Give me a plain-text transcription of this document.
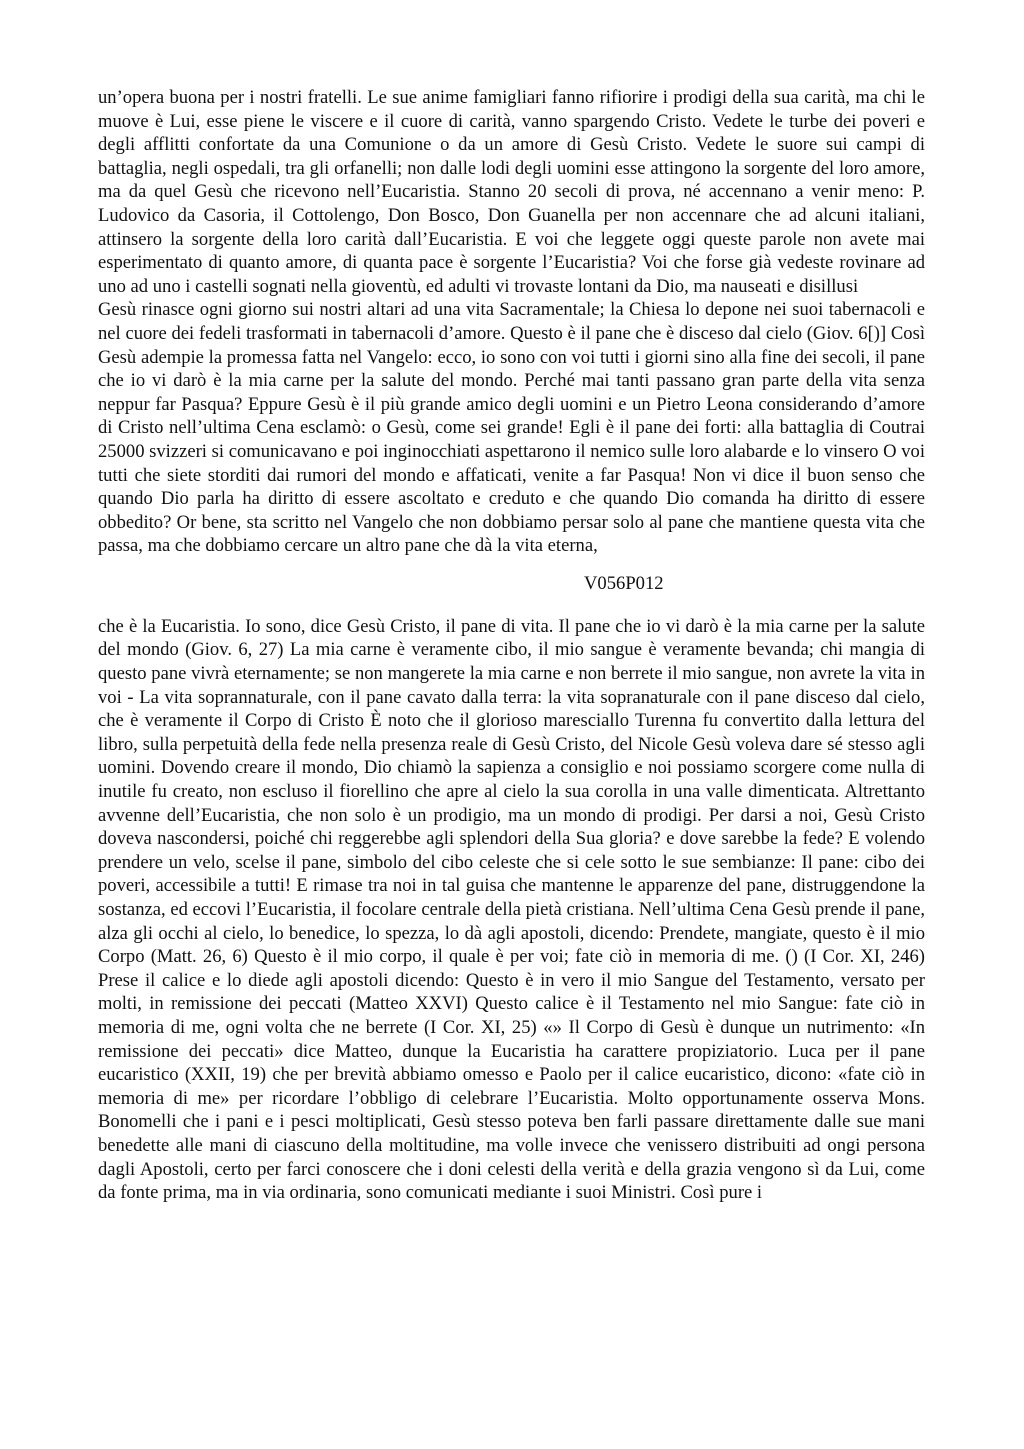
un’opera buona per i nostri fratelli. Le sue anime famigliari fanno rifiorire i prodigi della sua carità, ma chi le muove è Lui, esse piene le viscere e il cuore di carità, vanno spargendo Cristo. Vedete le turbe dei poveri e degli afflitti confortate da una Comunione o da un amore di Gesù Cristo. Vedete le suore sui campi di battaglia, negli ospedali, tra gli orfanelli; non dalle lodi degli uomini esse attingono la sorgente del loro amore, ma da quel Gesù che ricevono nell’Eucaristia. Stanno 20 secoli di prova, né accennano a venir meno: P. Ludovico da Casoria, il Cottolengo, Don Bosco, Don Guanella per non accennare che ad alcuni italiani, attinsero la sorgente della loro carità dall’Eucaristia. E voi che leggete oggi queste parole non avete mai esperimentato di quanto amore, di quanta pace è sorgente l’Eucaristia? Voi che forse già vedeste rovinare ad uno ad uno i castelli sognati nella gioventù, ed adulti vi trovaste lontani da Dio, ma nauseati e disillusi

Gesù rinasce ogni giorno sui nostri altari ad una vita Sacramentale; la Chiesa lo depone nei suoi tabernacoli e nel cuore dei fedeli trasformati in tabernacoli d’amore. Questo è il pane che è disceso dal cielo (Giov. 6[)] Così Gesù adempie la promessa fatta nel Vangelo: ecco, io sono con voi tutti i giorni sino alla fine dei secoli, il pane che io vi darò è la mia carne per la salute del mondo. Perché mai tanti passano gran parte della vita senza neppur far Pasqua? Eppure Gesù è il più grande amico degli uomini e un Pietro Leona considerando d’amore di Cristo nell’ultima Cena esclamò: o Gesù, come sei grande! Egli è il pane dei forti: alla battaglia di Coutrai 25000 svizzeri si comunicavano e poi inginocchiati aspettarono il nemico sulle loro alabarde e lo vinsero O voi tutti che siete storditi dai rumori del mondo e affaticati, venite a far Pasqua! Non vi dice il buon senso che quando Dio parla ha diritto di essere ascoltato e creduto e che quando Dio comanda ha diritto di essere obbedito? Or bene, sta scritto nel Vangelo che non dobbiamo persar solo al pane che mantiene questa vita che passa, ma che dobbiamo cercare un altro pane che dà la vita eterna,

V056P012

che è la Eucaristia. Io sono, dice Gesù Cristo, il pane di vita. Il pane che io vi darò è la mia carne per la salute del mondo (Giov. 6, 27) La mia carne è veramente cibo, il mio sangue è veramente bevanda; chi mangia di questo pane vivrà eternamente; se non mangerete la mia carne e non berrete il mio sangue, non avrete la vita in voi - La vita soprannaturale, con il pane cavato dalla terra: la vita sopranaturale con il pane disceso dal cielo, che è veramente il Corpo di Cristo È noto che il glorioso maresciallo Turenna fu convertito dalla lettura del libro, sulla perpetuità della fede nella presenza reale di Gesù Cristo, del Nicole Gesù voleva dare sé stesso agli uomini. Dovendo creare il mondo, Dio chiamò la sapienza a consiglio e noi possiamo scorgere come nulla di inutile fu creato, non escluso il fiorellino che apre al cielo la sua corolla in una valle dimenticata. Altrettanto avvenne dell’Eucaristia, che non solo è un prodigio, ma un mondo di prodigi. Per darsi a noi, Gesù Cristo doveva nascondersi, poiché chi reggerebbe agli splendori della Sua gloria? e dove sarebbe la fede? E volendo prendere un velo, scelse il pane, simbolo del cibo celeste che si cele sotto le sue sembianze: Il pane: cibo dei poveri, accessibile a tutti! E rimase tra noi in tal guisa che mantenne le apparenze del pane, distruggendone la sostanza, ed eccovi l’Eucaristia, il focolare centrale della pietà cristiana. Nell’ultima Cena Gesù prende il pane, alza gli occhi al cielo, lo benedice, lo spezza, lo dà agli apostoli, dicendo: Prendete, mangiate, questo è il mio Corpo (Matt. 26, 6) Questo è il mio corpo, il quale è per voi; fate ciò in memoria di me. () (I Cor. XI, 246) Prese il calice e lo diede agli apostoli dicendo: Questo è in vero il mio Sangue del Testamento, versato per molti, in remissione dei peccati (Matteo XXVI) Questo calice è il Testamento nel mio Sangue: fate ciò in memoria di me, ogni volta che ne berrete (I Cor. XI, 25) «» Il Corpo di Gesù è dunque un nutrimento: «In remissione dei peccati» dice Matteo, dunque la Eucaristia ha carattere propiziatorio. Luca per il pane eucaristico (XXII, 19) che per brevità abbiamo omesso e Paolo per il calice eucaristico, dicono: «fate ciò in memoria di me» per ricordare l’obbligo di celebrare l’Eucaristia. Molto opportunamente osserva Mons. Bonomelli che i pani e i pesci moltiplicati, Gesù stesso poteva ben farli passare direttamente dalle sue mani benedette alle mani di ciascuno della moltitudine, ma volle invece che venissero distribuiti ad ongi persona dagli Apostoli, certo per farci conoscere che i doni celesti della verità e della grazia vengono sì da Lui, come da fonte prima, ma in via ordinaria, sono comunicati mediante i suoi Ministri. Così pure i
